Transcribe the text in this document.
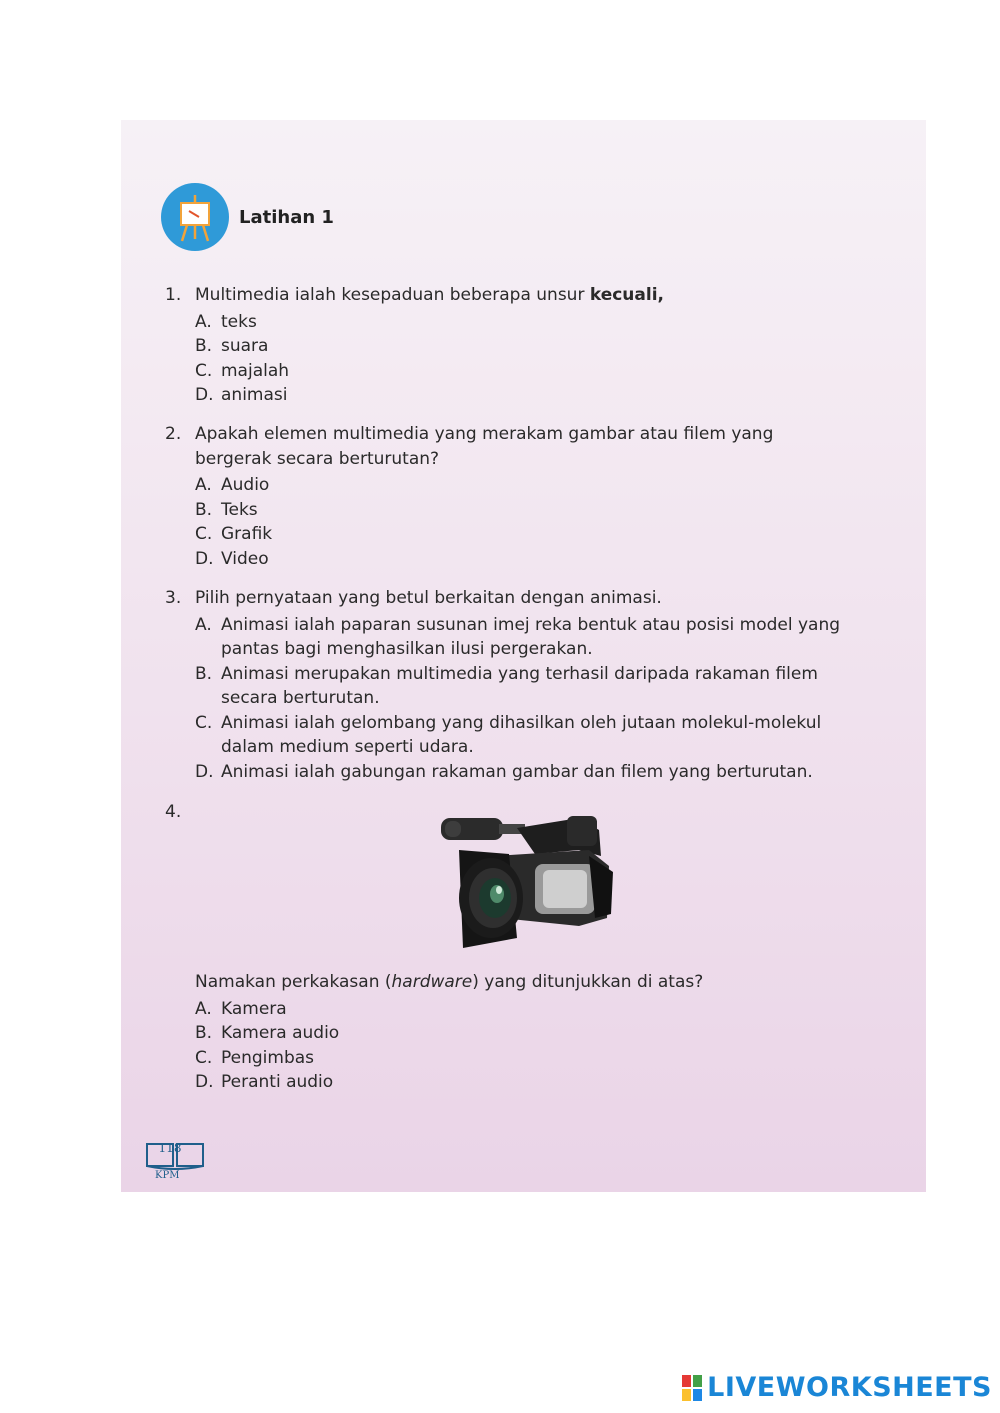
Latihan 1
1. Multimedia ialah kesepaduan beberapa unsur kecuali,
A. teks
B. suara
C. majalah
D. animasi
2. Apakah elemen multimedia yang merakam gambar atau filem yang bergerak secara berturutan?
A. Audio
B. Teks
C. Grafik
D. Video
3. Pilih pernyataan yang betul berkaitan dengan animasi.
A. Animasi ialah paparan susunan imej reka bentuk atau posisi model yang pantas bagi menghasilkan ilusi pergerakan.
B. Animasi merupakan multimedia yang terhasil daripada rakaman filem secara berturutan.
C. Animasi ialah gelombang yang dihasilkan oleh jutaan molekul-molekul dalam medium seperti udara.
D. Animasi ialah gabungan rakaman gambar dan filem yang berturutan.
4.
Namakan perkakasan (hardware) yang ditunjukkan di atas?
A. Kamera
B. Kamera audio
C. Pengimbas
D. Peranti audio
118
KPM
LIVEWORKSHEETS
